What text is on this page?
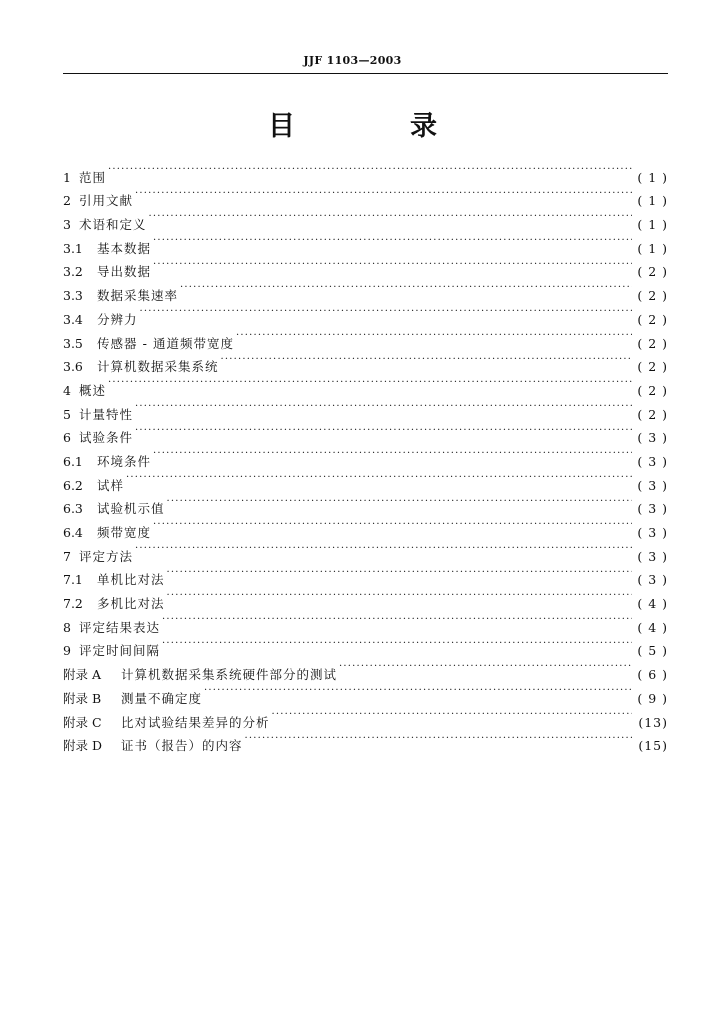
JJF 1103—2003
目　录
1 范围 ·····	( 1 )
2 引用文献 ·····	( 1 )
3 术语和定义 ·····	( 1 )
3.1	基本数据 ·····	( 1 )
3.2	导出数据 ·····	( 2 )
3.3	数据采集速率 ·····	( 2 )
3.4	分辨力 ·····	( 2 )
3.5	传感器 - 通道频带宽度 ·····	( 2 )
3.6	计算机数据采集系统 ·····	( 2 )
4 概述 ·····	( 2 )
5 计量特性 ·····	( 2 )
6 试验条件 ·····	( 3 )
6.1	环境条件 ·····	( 3 )
6.2	试样 ·····	( 3 )
6.3	试验机示值 ·····	( 3 )
6.4	频带宽度 ·····	( 3 )
7 评定方法 ·····	( 3 )
7.1	单机比对法 ·····	( 3 )
7.2	多机比对法 ·····	( 4 )
8 评定结果表达 ·····	( 4 )
9 评定时间间隔 ·····	( 5 )
附录 A	计算机数据采集系统硬件部分的测试 ·····	( 6 )
附录 B	测量不确定度 ·····	( 9 )
附录 C	比对试验结果差异的分析 ·····	(13)
附录 D	证书（报告）的内容 ·····	(15)
